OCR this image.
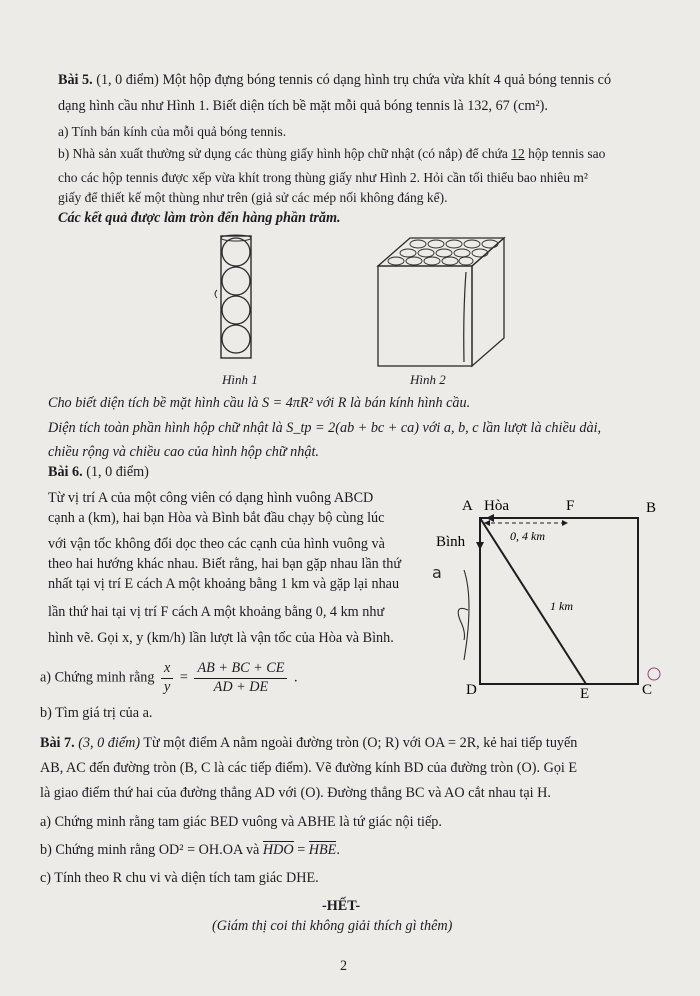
Bài 5. (1, 0 điểm) Một hộp đựng bóng tennis có dạng hình trụ chứa vừa khít 4 quả bóng tennis có
dạng hình cầu như Hình 1. Biết diện tích bề mặt mỗi quả bóng tennis là 132, 67 (cm²).
a) Tính bán kính của mỗi quả bóng tennis.
b) Nhà sản xuất thường sử dụng các thùng giấy hình hộp chữ nhật (có nắp) để chứa 12 hộp tennis sao
cho các hộp tennis được xếp vừa khít trong thùng giấy như Hình 2. Hỏi cần tối thiểu bao nhiêu m²
giấy để thiết kế một thùng như trên (giả sử các mép nối không đáng kể).
Các kết quả được làm tròn đến hàng phần trăm.
Hình 1	Hình 2
Cho biết diện tích bề mặt hình cầu là S = 4πR² với R là bán kính hình cầu.
Diện tích toàn phần hình hộp chữ nhật là S_tp = 2(ab + bc + ca) với a, b, c lần lượt là chiều dài,
chiều rộng và chiều cao của hình hộp chữ nhật.
Bài 6. (1, 0 điểm)
Từ vị trí A của một công viên có dạng hình vuông ABCD
cạnh a (km), hai bạn Hòa và Bình bắt đầu chạy bộ cùng lúc
với vận tốc không đổi dọc theo các cạnh của hình vuông và
theo hai hướng khác nhau. Biết rằng, hai bạn gặp nhau lần thứ
nhất tại vị trí E cách A một khoảng bằng 1 km và gặp lại nhau
lần thứ hai tại vị trí F cách A một khoảng bằng 0, 4 km như
hình vẽ. Gọi x, y (km/h) lần lượt là vận tốc của Hòa và Bình.
a) Chứng minh rằng $\frac{x}{y} = \frac{AB + BC + CE}{AD + DE}$ .
b) Tìm giá trị của a.
A Hòa	F	B
Bình	0, 4 km
1 km
D	E	C
a
Bài 7. (3, 0 điểm) Từ một điểm A nằm ngoài đường tròn (O; R) với OA = 2R, kẻ hai tiếp tuyến
AB, AC đến đường tròn (B, C là các tiếp điểm). Vẽ đường kính BD của đường tròn (O). Gọi E
là giao điểm thứ hai của đường thẳng AD với (O). Đường thẳng BC và AO cắt nhau tại H.
a) Chứng minh rằng tam giác BED vuông và ABHE là tứ giác nội tiếp.
b) Chứng minh rằng OD² = OH.OA và HDO = HBE.
c) Tính theo R chu vi và diện tích tam giác DHE.
-HẾT-
(Giám thị coi thi không giải thích gì thêm)
2
